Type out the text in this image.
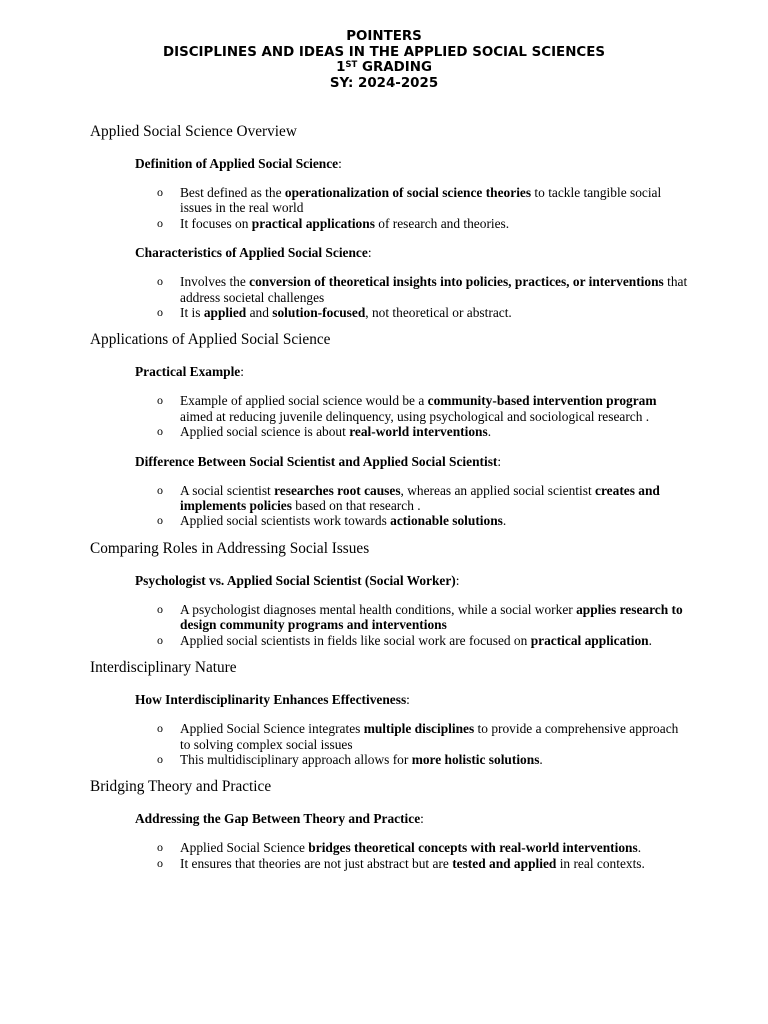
POINTERS
DISCIPLINES AND IDEAS IN THE APPLIED SOCIAL SCIENCES
1ST GRADING
SY: 2024-2025
Applied Social Science Overview
Definition of Applied Social Science:
o Best defined as the operationalization of social science theories to tackle tangible social issues in the real world
o It focuses on practical applications of research and theories.
Characteristics of Applied Social Science:
o Involves the conversion of theoretical insights into policies, practices, or interventions that address societal challenges
o It is applied and solution-focused, not theoretical or abstract.
Applications of Applied Social Science
Practical Example:
o Example of applied social science would be a community-based intervention program aimed at reducing juvenile delinquency, using psychological and sociological research .
o Applied social science is about real-world interventions.
Difference Between Social Scientist and Applied Social Scientist:
o A social scientist researches root causes, whereas an applied social scientist creates and implements policies based on that research .
o Applied social scientists work towards actionable solutions.
Comparing Roles in Addressing Social Issues
Psychologist vs. Applied Social Scientist (Social Worker):
o A psychologist diagnoses mental health conditions, while a social worker applies research to design community programs and interventions
o Applied social scientists in fields like social work are focused on practical application.
Interdisciplinary Nature
How Interdisciplinarity Enhances Effectiveness:
o Applied Social Science integrates multiple disciplines to provide a comprehensive approach to solving complex social issues
o This multidisciplinary approach allows for more holistic solutions.
Bridging Theory and Practice
Addressing the Gap Between Theory and Practice:
o Applied Social Science bridges theoretical concepts with real-world interventions.
o It ensures that theories are not just abstract but are tested and applied in real contexts.
